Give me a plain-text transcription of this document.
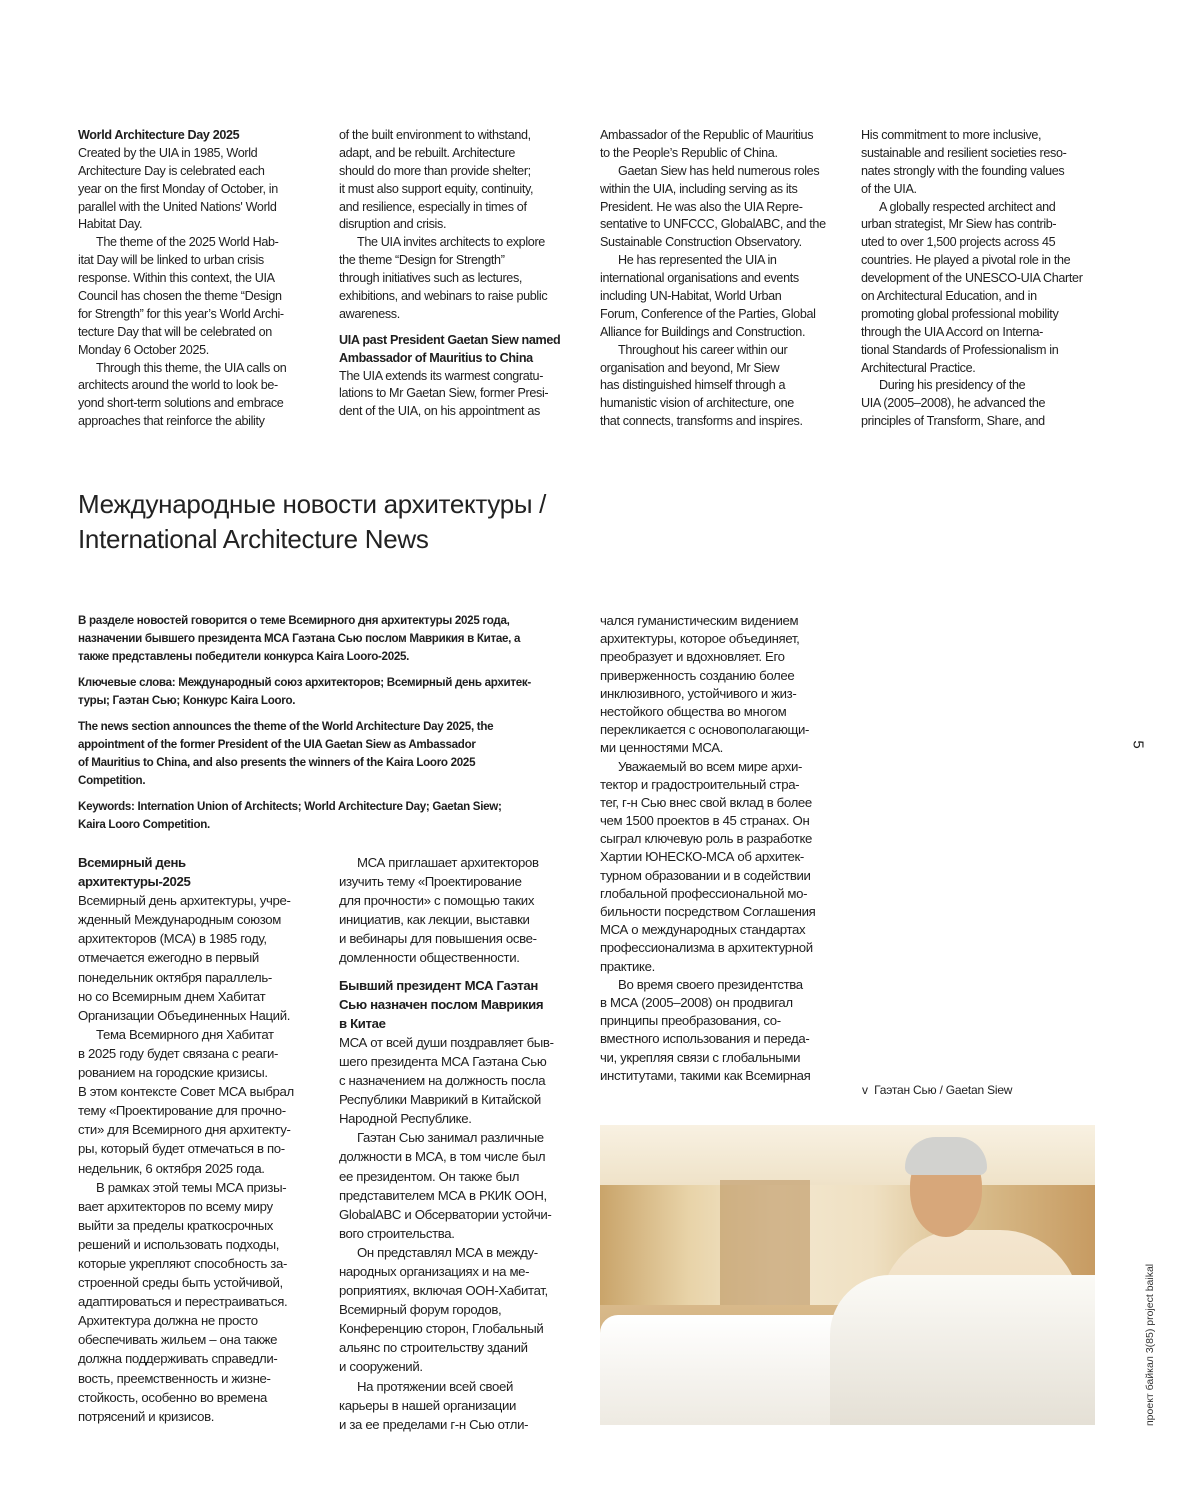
World Architecture Day 2025
Created by the UIA in 1985, World
Architecture Day is celebrated each
year on the first Monday of October, in
parallel with the United Nations' World
Habitat Day.
The theme of the 2025 World Hab-
itat Day will be linked to urban crisis
response. Within this context, the UIA
Council has chosen the theme “Design
for Strength” for this year’s World Archi-
tecture Day that will be celebrated on
Monday 6 October 2025.
Through this theme, the UIA calls on
architects around the world to look be-
yond short-term solutions and embrace
approaches that reinforce the ability
of the built environment to withstand,
adapt, and be rebuilt. Architecture
should do more than provide shelter;
it must also support equity, continuity,
and resilience, especially in times of
disruption and crisis.
The UIA invites architects to explore
the theme “Design for Strength”
through initiatives such as lectures,
exhibitions, and webinars to raise public
awareness.
UIA past President Gaetan Siew named
Ambassador of Mauritius to China
The UIA extends its warmest congratu-
lations to Mr Gaetan Siew, former Presi-
dent of the UIA, on his appointment as
Ambassador of the Republic of Mauritius
to the People’s Republic of China.
Gaetan Siew has held numerous roles
within the UIA, including serving as its
President. He was also the UIA Repre-
sentative to UNFCCC, GlobalABC, and the
Sustainable Construction Observatory.
He has represented the UIA in
international organisations and events
including UN-Habitat, World Urban
Forum, Conference of the Parties, Global
Alliance for Buildings and Construction.
Throughout his career within our
organisation and beyond, Mr Siew
has distinguished himself through a
humanistic vision of architecture, one
that connects, transforms and inspires.
His commitment to more inclusive,
sustainable and resilient societies reso-
nates strongly with the founding values
of the UIA.
A globally respected architect and
urban strategist, Mr Siew has contrib-
uted to over 1,500 projects across 45
countries. He played a pivotal role in the
development of the UNESCO-UIA Charter
on Architectural Education, and in
promoting global professional mobility
through the UIA Accord on Interna-
tional Standards of Professionalism in
Architectural Practice.
During his presidency of the
UIA (2005–2008), he advanced the
principles of Transform, Share, and
Международные новости архитектуры /
International Architecture News
В разделе новостей говорится о теме Всемирного дня архитектуры 2025 года,
назначении бывшего президента МСА Гаэтана Сью послом Маврикия в Китае, а
также представлены победители конкурса Kaira Looro-2025.
Ключевые слова: Международный союз архитекторов; Всемирный день архитек-
туры; Гаэтан Сью; Конкурс Kaira Looro.
The news section announces the theme of the World Architecture Day 2025, the
appointment of the former President of the UIA Gaetan Siew as Ambassador
of Mauritius to China, and also presents the winners of the Kaira Looro 2025
Competition.
Keywords: Internation Union of Architects; World Architecture Day; Gaetan Siew;
Kaira Looro Competition.
Всемирный день
архитектуры-2025
Всемирный день архитектуры, учре-
жденный Международным союзом
архитекторов (МСА) в 1985 году,
отмечается ежегодно в первый
понедельник октября параллель-
но со Всемирным днем Хабитат
Организации Объединенных Наций.
Тема Всемирного дня Хабитат
в 2025 году будет связана с реаги-
рованием на городские кризисы.
В этом контексте Совет МСА выбрал
тему «Проектирование для прочно-
сти» для Всемирного дня архитекту-
ры, который будет отмечаться в по-
недельник, 6 октября 2025 года.
В рамках этой темы МСА призы-
вает архитекторов по всему миру
выйти за пределы краткосрочных
решений и использовать подходы,
которые укрепляют способность за-
строенной среды быть устойчивой,
адаптироваться и перестраиваться.
Архитектура должна не просто
обеспечивать жильем – она также
должна поддерживать справедли-
вость, преемственность и жизне-
стойкость, особенно во времена
потрясений и кризисов.
МСА приглашает архитекторов
изучить тему «Проектирование
для прочности» с помощью таких
инициатив, как лекции, выставки
и вебинары для повышения осве-
домленности общественности.
Бывший президент МСА Гаэтан
Сью назначен послом Маврикия
в Китае
МСА от всей души поздравляет быв-
шего президента МСА Гаэтана Сью
с назначением на должность посла
Республики Маврикий в Китайской
Народной Республике.
Гаэтан Сью занимал различные
должности в МСА, в том числе был
ее президентом. Он также был
представителем МСА в РКИК ООН,
GlobalABC и Обсерватории устойчи-
вого строительства.
Он представлял МСА в между-
народных организациях и на ме-
роприятиях, включая ООН-Хабитат,
Всемирный форум городов,
Конференцию сторон, Глобальный
альянс по строительству зданий
и сооружений.
На протяжении всей своей
карьеры в нашей организации
и за ее пределами г-н Сью отли-
чался гуманистическим видением
архитектуры, которое объединяет,
преобразует и вдохновляет. Его
приверженность созданию более
инклюзивного, устойчивого и жиз-
нестойкого общества во многом
перекликается с основополагающи-
ми ценностями МСА.
Уважаемый во всем мире архи-
тектор и градостроительный стра-
тег, г-н Сью внес свой вклад в более
чем 1500 проектов в 45 странах. Он
сыграл ключевую роль в разработке
Хартии ЮНЕСКО-МСА об архитек-
турном образовании и в содействии
глобальной профессиональной мо-
бильности посредством Соглашения
МСА о международных стандартах
профессионализма в архитектурной
практике.
Во время своего президентства
в МСА (2005–2008) он продвигал
принципы преобразования, со-
вместного использования и переда-
чи, укрепляя связи с глобальными
институтами, такими как Всемирная
v Гаэтан Сью / Gaetan Siew
5
проект байкал 3(85) project baikal
